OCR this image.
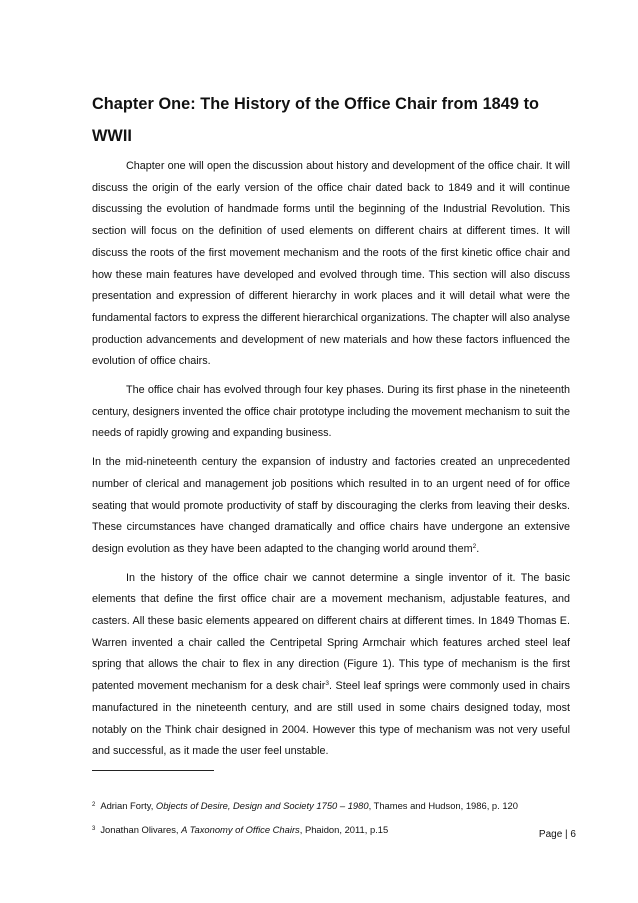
Chapter One: The History of the Office Chair from 1849 to WWII

Chapter one will open the discussion about history and development of the office chair. It will discuss the origin of the early version of the office chair dated back to 1849 and it will continue discussing the evolution of handmade forms until the beginning of the Industrial Revolution. This section will focus on the definition of used elements on different chairs at different times. It will discuss the roots of the first movement mechanism and the roots of the first kinetic office chair and how these main features have developed and evolved through time. This section will also discuss presentation and expression of different hierarchy in work places and it will detail what were the fundamental factors to express the different hierarchical organizations. The chapter will also analyse production advancements and development of new materials and how these factors influenced the evolution of office chairs.

The office chair has evolved through four key phases. During its first phase in the nineteenth century, designers invented the office chair prototype including the movement mechanism to suit the needs of rapidly growing and expanding business.

In the mid-nineteenth century the expansion of industry and factories created an unprecedented number of clerical and management job positions which resulted in to an urgent need of for office seating that would promote productivity of staff by discouraging the clerks from leaving their desks. These circumstances have changed dramatically and office chairs have undergone an extensive design evolution as they have been adapted to the changing world around them$^2$.

In the history of the office chair we cannot determine a single inventor of it. The basic elements that define the first office chair are a movement mechanism, adjustable features, and casters. All these basic elements appeared on different chairs at different times. In 1849 Thomas E. Warren invented a chair called the Centripetal Spring Armchair which features arched steel leaf spring that allows the chair to flex in any direction (Figure 1). This type of mechanism is the first patented movement mechanism for a desk chair$^3$. Steel leaf springs were commonly used in chairs manufactured in the nineteenth century, and are still used in some chairs designed today, most notably on the Think chair designed in 2004. However this type of mechanism was not very useful and successful, as it made the user feel unstable.

$^2$ Adrian Forty, Objects of Desire, Design and Society 1750 – 1980, Thames and Hudson, 1986, p. 120
$^3$ Jonathan Olivares, A Taxonomy of Office Chairs, Phaidon, 2011, p.15	Page | 6
